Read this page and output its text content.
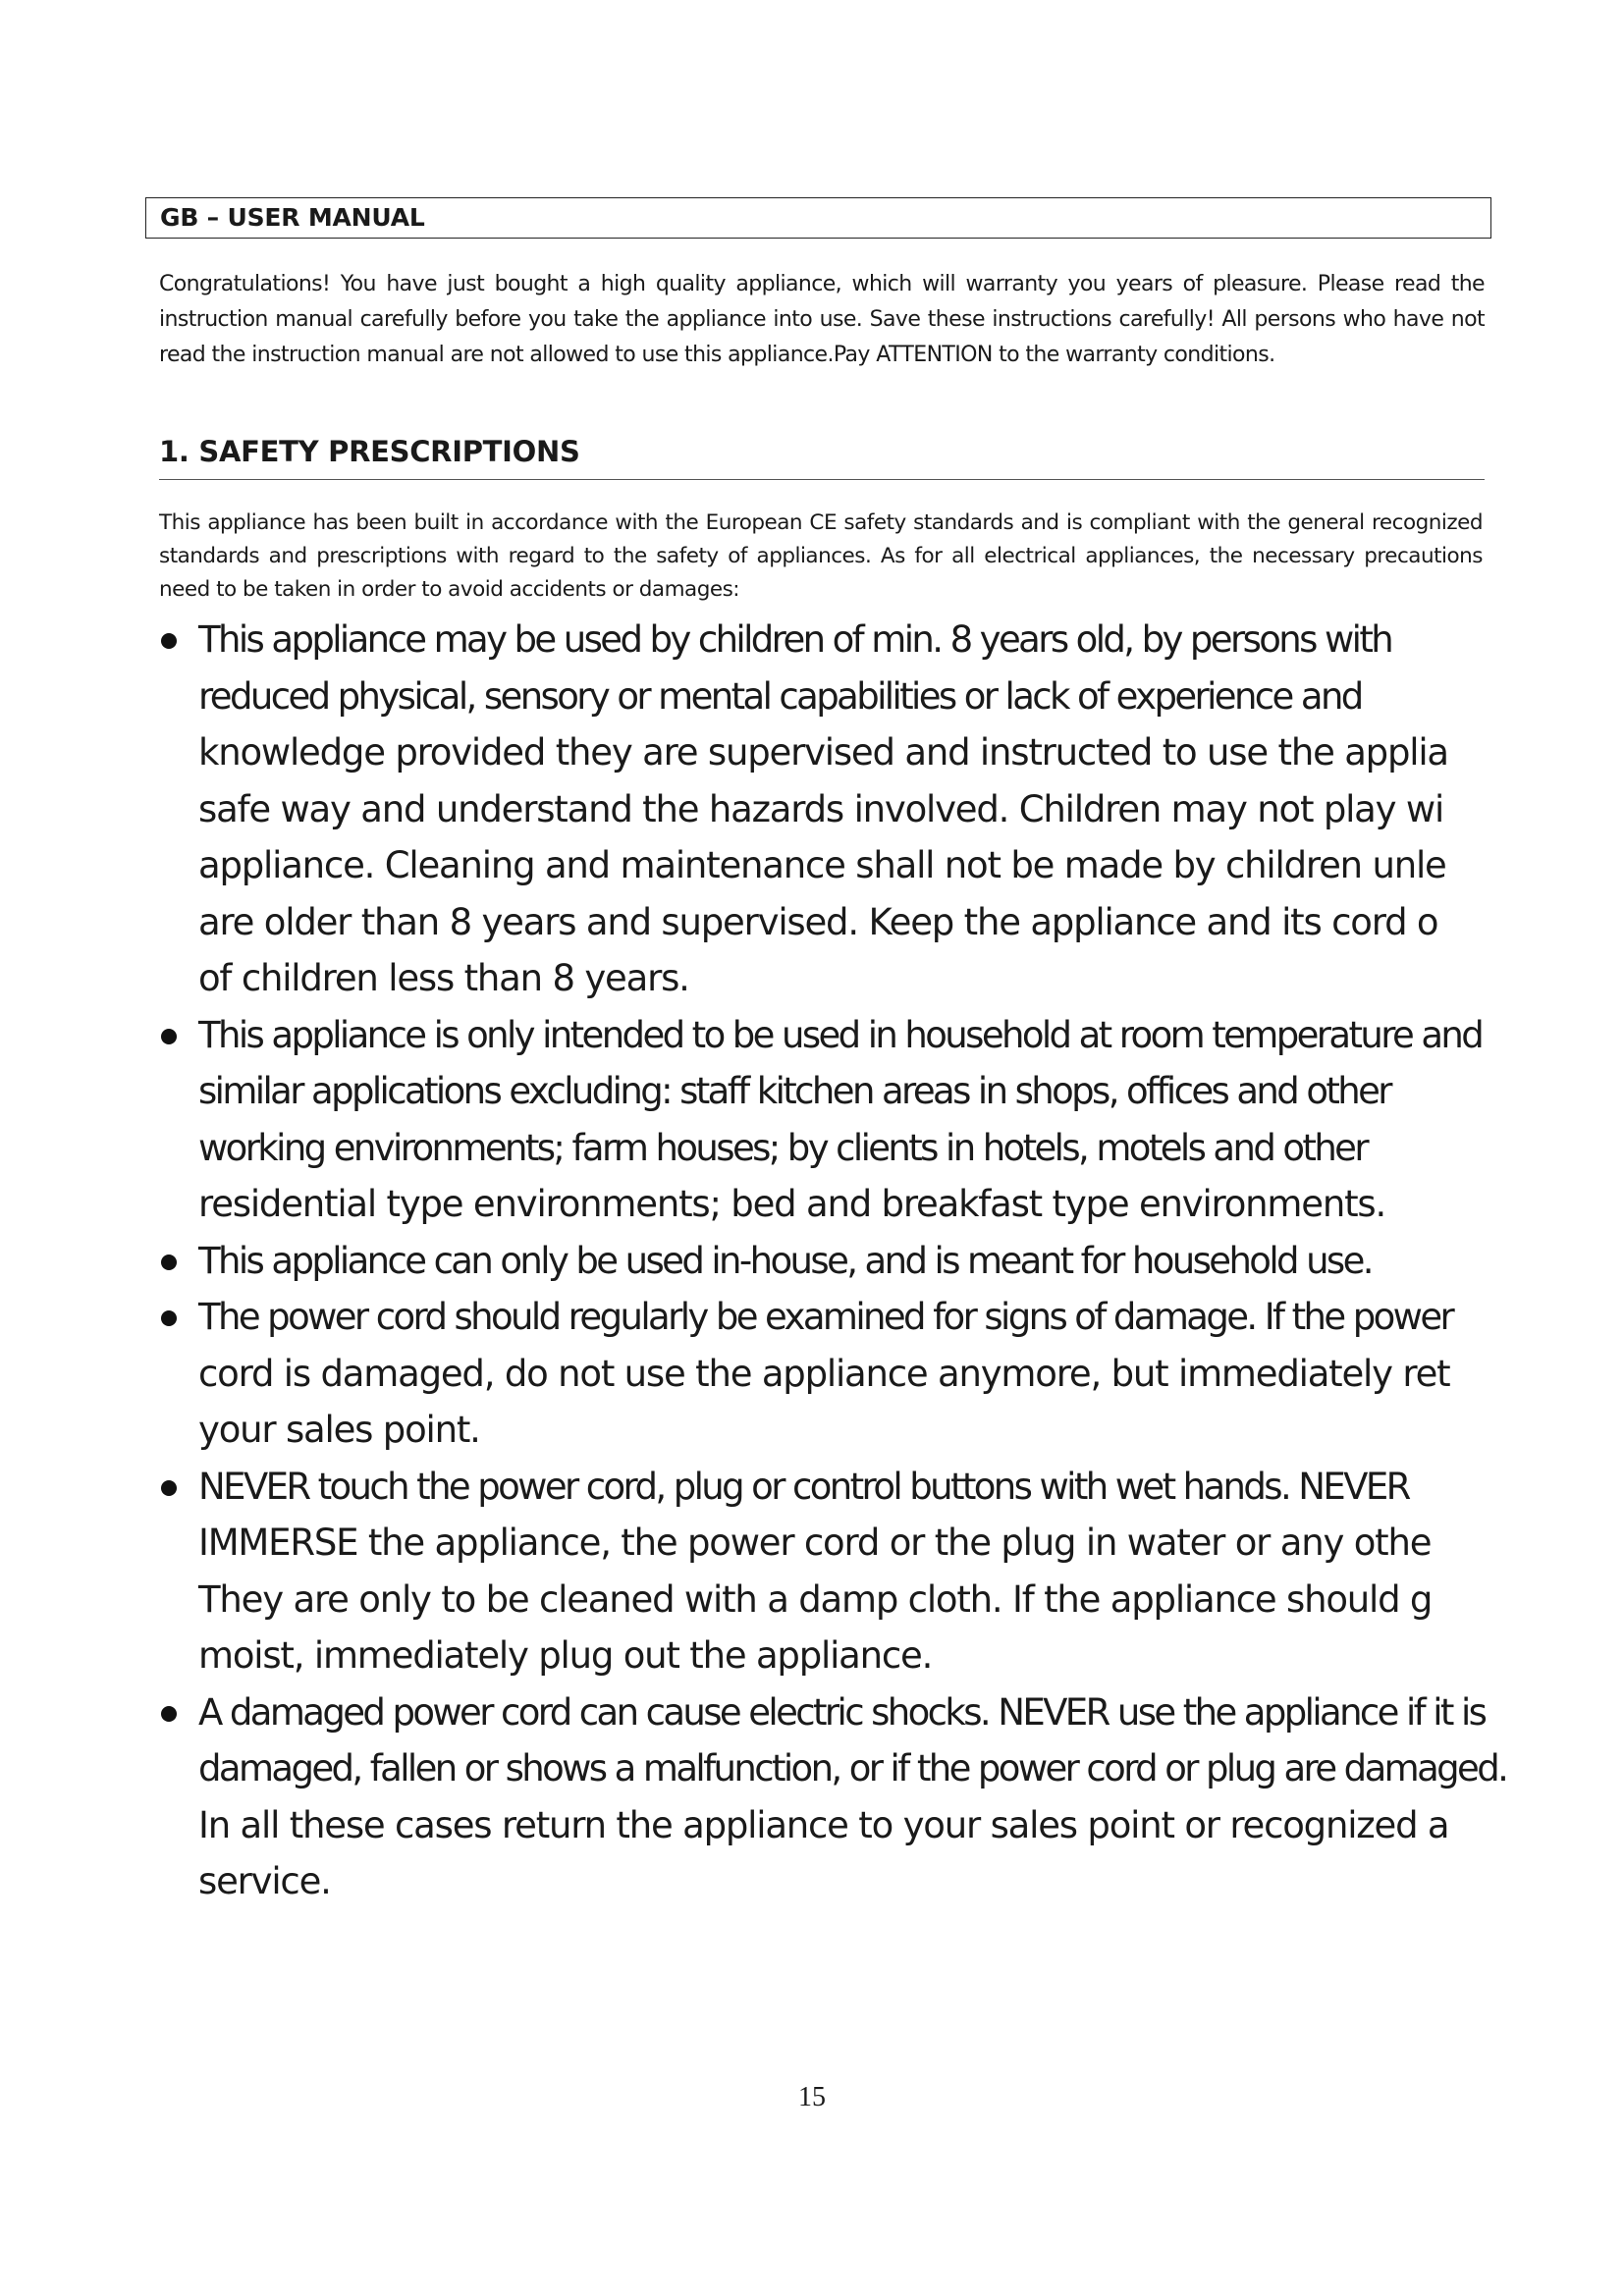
GB – USER MANUAL

Congratulations! You have just bought a high quality appliance, which will warranty you years of pleasure. Please read the instruction manual carefully before you take the appliance into use. Save these instructions carefully! All persons who have not read the instruction manual are not allowed to use this appliance.Pay ATTENTION to the warranty conditions.

1. SAFETY PRESCRIPTIONS

This appliance has been built in accordance with the European CE safety standards and is compliant with the general recognized standards and prescriptions with regard to the safety of appliances. As for all electrical appliances, the necessary precautions need to be taken in order to avoid accidents or damages:

This appliance may be used by children of min. 8 years old, by persons with
reduced physical, sensory or mental capabilities or lack of experience and
knowledge provided they are supervised and instructed to use the applia
safe way and understand the hazards involved. Children may not play wi
appliance. Cleaning and maintenance shall not be made by children unle
are older than 8 years and supervised. Keep the appliance and its cord o
of children less than 8 years.
This appliance is only intended to be used in household at room temperature and
similar applications excluding: staff kitchen areas in shops, offices and other
working environments; farm houses; by clients in hotels, motels and other
residential type environments; bed and breakfast type environments.
This appliance can only be used in-house, and is meant for household use.
The power cord should regularly be examined for signs of damage. If the power
cord is damaged, do not use the appliance anymore, but immediately ret
your sales point.
NEVER touch the power cord, plug or control buttons with wet hands. NEVER
IMMERSE the appliance, the power cord or the plug in water or any othe
They are only to be cleaned with a damp cloth. If the appliance should g
moist, immediately plug out the appliance.
A damaged power cord can cause electric shocks. NEVER use the appliance if it is
damaged, fallen or shows a malfunction, or if the power cord or plug are damaged.
In all these cases return the appliance to your sales point or recognized a
service.
15
